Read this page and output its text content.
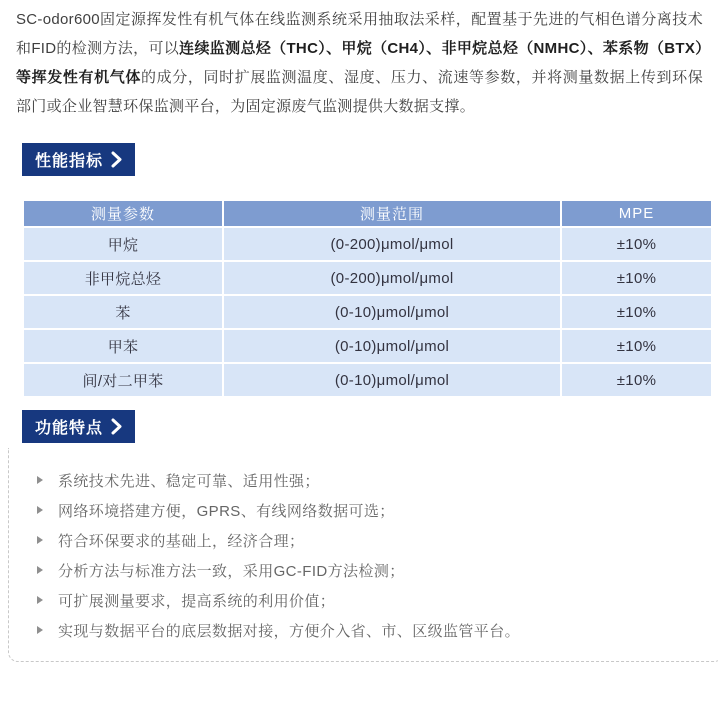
SC-odor600固定源挥发性有机气体在线监测系统采用抽取法采样，配置基于先进的气相色谱分离技术和FID的检测方法，可以连续监测总烃（THC）、甲烷（CH4）、非甲烷总烃（NMHC）、苯系物（BTX）等挥发性有机气体的成分，同时扩展监测温度、湿度、压力、流速等参数，并将测量数据上传到环保部门或企业智慧环保监测平台，为固定源废气监测提供大数据支撑。

性能指标
测量参数	测量范围	MPE
甲烷	(0-200)μmol/μmol	±10%
非甲烷总烃	(0-200)μmol/μmol	±10%
苯	(0-10)μmol/μmol	±10%
甲苯	(0-10)μmol/μmol	±10%
间/对二甲苯	(0-10)μmol/μmol	±10%
功能特点
系统技术先进、稳定可靠、适用性强；
网络环境搭建方便，GPRS、有线网络数据可选；
符合环保要求的基础上，经济合理；
分析方法与标准方法一致，采用GC-FID方法检测；
可扩展测量要求，提高系统的利用价值；
实现与数据平台的底层数据对接，方便介入省、市、区级监管平台。
